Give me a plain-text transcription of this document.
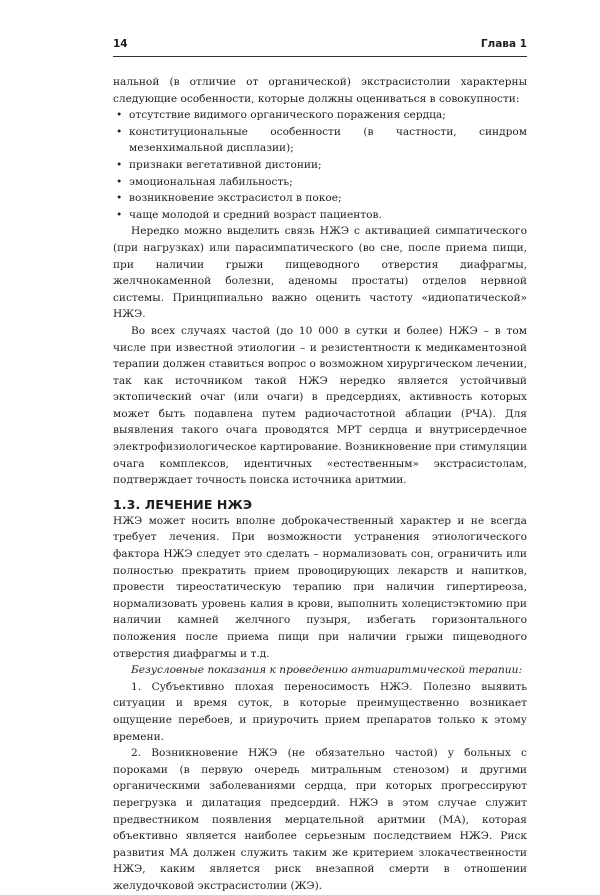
14	Глава 1

нальной (в отличие от органической) экстрасистолии характерны следующие особенности, которые должны оцениваться в совокупности:

• отсутствие видимого органического поражения сердца;
• конституциональные особенности (в частности, синдром мезенхимальной дисплазии);
• признаки вегетативной дистонии;
• эмоциональная лабильность;
• возникновение экстрасистол в покое;
• чаще молодой и средний возраст пациентов.

Нередко можно выделить связь НЖЭ с активацией симпатического (при нагрузках) или парасимпатического (во сне, после приема пищи, при наличии грыжи пищеводного отверстия диафрагмы, желчнокаменной болезни, аденомы простаты) отделов нервной системы. Принципиально важно оценить частоту «идиопатической» НЖЭ.

Во всех случаях частой (до 10 000 в сутки и более) НЖЭ – в том числе при известной этиологии – и резистентности к медикаментозной терапии должен ставиться вопрос о возможном хирургическом лечении, так как источником такой НЖЭ нередко является устойчивый эктопический очаг (или очаги) в предсердиях, активность которых может быть подавлена путем радиочастотной аблации (РЧА). Для выявления такого очага проводятся МРТ сердца и внутрисердечное электрофизиологическое картирование. Возникновение при стимуляции очага комплексов, идентичных «естественным» экстрасистолам, подтверждает точность поиска источника аритмии.

1.3. ЛЕЧЕНИЕ НЖЭ

НЖЭ может носить вполне доброкачественный характер и не всегда требует лечения. При возможности устранения этиологического фактора НЖЭ следует это сделать – нормализовать сон, ограничить или полностью прекратить прием провоцирующих лекарств и напитков, провести тиреостатическую терапию при наличии гипертиреоза, нормализовать уровень калия в крови, выполнить холецистэктомию при наличии камней желчного пузыря, избегать горизонтального положения после приема пищи при наличии грыжи пищеводного отверстия диафрагмы и т.д.

Безусловные показания к проведению антиаритмической терапии:

1. Субъективно плохая переносимость НЖЭ. Полезно выявить ситуации и время суток, в которые преимущественно возникает ощущение перебоев, и приурочить прием препаратов только к этому времени.

2. Возникновение НЖЭ (не обязательно частой) у больных с пороками (в первую очередь митральным стенозом) и другими органическими заболеваниями сердца, при которых прогрессируют перегрузка и дилатация предсердий. НЖЭ в этом случае служит предвестником появления мерцательной аритмии (МА), которая объективно является наиболее серьезным последствием НЖЭ. Риск развития МА должен служить таким же критерием злокачественности НЖЭ, каким является риск внезапной смерти в отношении желудочковой экстрасистолии (ЖЭ).
